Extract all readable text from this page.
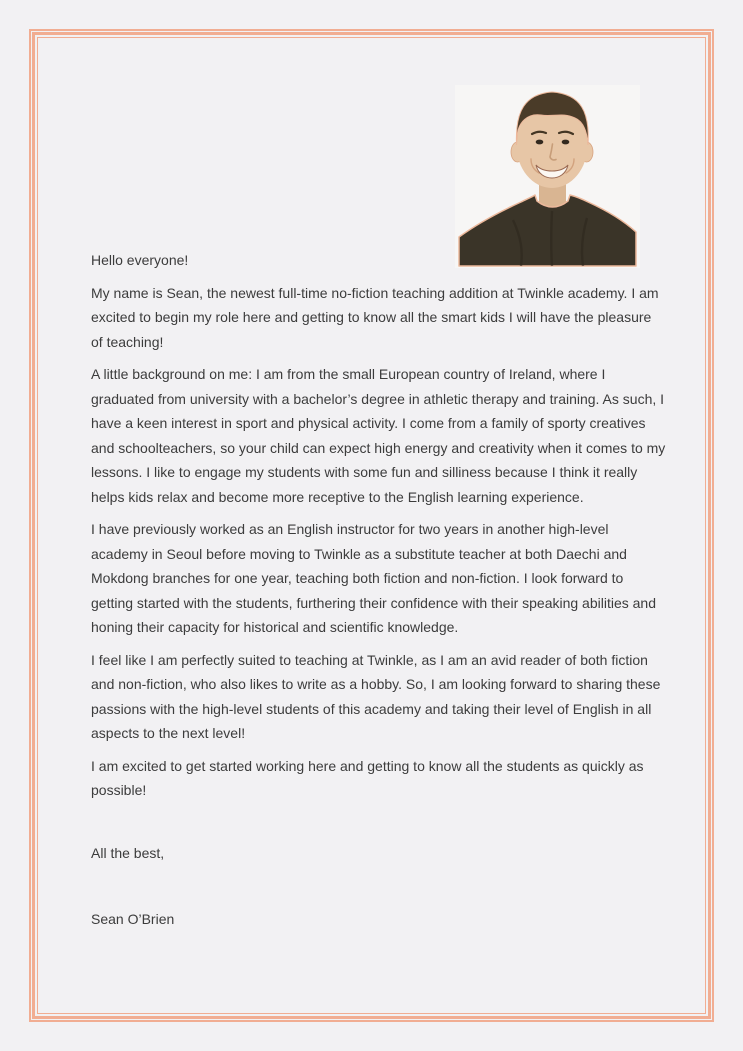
Hello everyone!

My name is Sean, the newest full-time no-fiction teaching addition at Twinkle academy. I am excited to begin my role here and getting to know all the smart kids I will have the pleasure of teaching!

A little background on me: I am from the small European country of Ireland, where I graduated from university with a bachelor’s degree in athletic therapy and training. As such, I have a keen interest in sport and physical activity. I come from a family of sporty creatives and schoolteachers, so your child can expect high energy and creativity when it comes to my lessons. I like to engage my students with some fun and silliness because I think it really helps kids relax and become more receptive to the English learning experience.

I have previously worked as an English instructor for two years in another high-level academy in Seoul before moving to Twinkle as a substitute teacher at both Daechi and Mokdong branches for one year, teaching both fiction and non-fiction. I look forward to getting started with the students, furthering their confidence with their speaking abilities and honing their capacity for historical and scientific knowledge.

I feel like I am perfectly suited to teaching at Twinkle, as I am an avid reader of both fiction and non-fiction, who also likes to write as a hobby. So, I am looking forward to sharing these passions with the high-level students of this academy and taking their level of English in all aspects to the next level!

I am excited to get started working here and getting to know all the students as quickly as possible!

All the best,

Sean O’Brien
